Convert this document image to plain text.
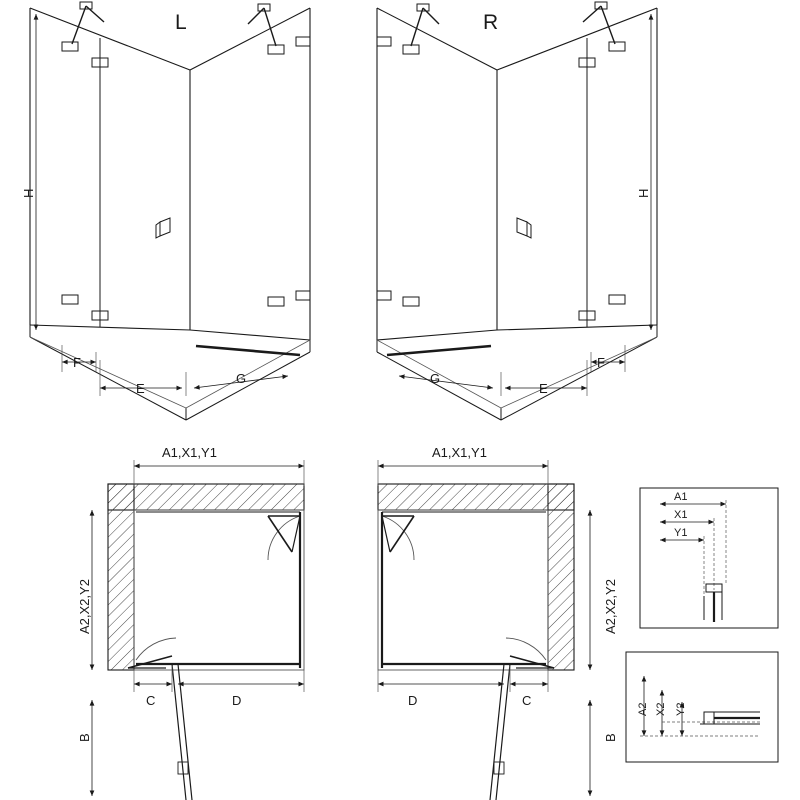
L	R
H	H
F
E
G	G
E
F
A1,X1,Y1
A2,X2,Y2
C	D
B
A1,X1,Y1
A2,X2,Y2
D	C
B
A1
X1
Y1
A2 X2 Y2
